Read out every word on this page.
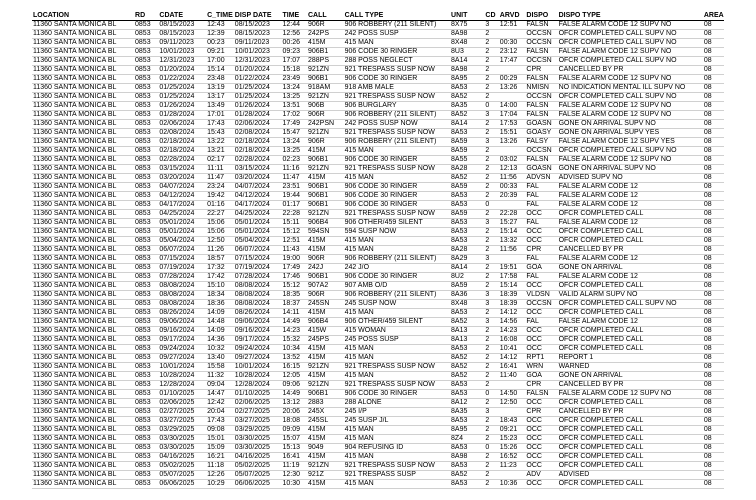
LOCATION	RD	CDATE	C_TIME	DISP DATE	TIME	CALL	CALL TYPE	UNIT	CD	ARVD	DISPO	DISPO TYPE	AREA
11360 SANTA MONICA BL	0853	08/15/2023	12:43	08/15/2023	12:44	906R	906 ROBBERY (211 SILENT)	8X75	3	12:51	FALSN	FALSE ALARM CODE 12 SUPV NO	08
11360 SANTA MONICA BL	0853	08/15/2023	12:39	08/15/2023	12:56	242PS	242 POSS SUSP	8A98	2		OCCSN	OFCR COMPLETED CALL SUPV NO	08
11360 SANTA MONICA BL	0853	09/11/2023	00:23	09/11/2023	00:26	415M	415 MAN	8X48	2	00:30	OCCSN	OFCR COMPLETED CALL SUPV NO	08
11360 SANTA MONICA BL	0853	10/01/2023	09:21	10/01/2023	09:23	906B1	906 CODE 30 RINGER	8U3	2	23:12	FALSN	FALSE ALARM CODE 12 SUPV NO	08
11360 SANTA MONICA BL	0853	12/31/2023	17:00	12/31/2023	17:07	288PS	288 POSS NEGLECT	8A14	2	17:47	OCCSN	OFCR COMPLETED CALL SUPV NO	08
11360 SANTA MONICA BL	0853	01/20/2024	15:14	01/20/2024	15:18	921ZN	921 TRESPASS SUSP NOW	8A98	2		CPR	CANCELLED BY PR	08
11360 SANTA MONICA BL	0853	01/22/2024	23:48	01/22/2024	23:49	906B1	906 CODE 30 RINGER	8A95	2	00:29	FALSN	FALSE ALARM CODE 12 SUPV NO	08
11360 SANTA MONICA BL	0853	01/25/2024	13:19	01/25/2024	13:24	918AM	918 AMB MALE	8A53	2	13:26	NMISN	NO INDICATION MENTAL ILL SUPV NO	08
11360 SANTA MONICA BL	0853	01/25/2024	13:17	01/25/2024	13:25	921ZN	921 TRESPASS SUSP NOW	8A52	2		OCCSN	OFCR COMPLETED CALL SUPV NO	08
11360 SANTA MONICA BL	0853	01/26/2024	13:49	01/26/2024	13:51	906B	906 BURGLARY	8A35	0	14:00	FALSN	FALSE ALARM CODE 12 SUPV NO	08
11360 SANTA MONICA BL	0853	01/28/2024	17:01	01/28/2024	17:02	906R	906 ROBBERY (211 SILENT)	8A52	3	17:04	FALSN	FALSE ALARM CODE 12 SUPV NO	08
11360 SANTA MONICA BL	0853	02/06/2024	17:43	02/06/2024	17:49	242PSN	242 POSS SUSP NOW	8A14	2	17:53	GOASN	GONE ON ARRIVAL SUPV NO	08
11360 SANTA MONICA BL	0853	02/08/2024	15:43	02/08/2024	15:47	921ZN	921 TRESPASS SUSP NOW	8A53	2	15:51	GOASY	GONE ON ARRIVAL SUPV YES	08
11360 SANTA MONICA BL	0853	02/18/2024	13:22	02/18/2024	13:24	906R	906 ROBBERY (211 SILENT)	8A59	3	13:26	FALSY	FALSE ALARM CODE 12 SUPV YES	08
11360 SANTA MONICA BL	0853	02/18/2024	13:21	02/18/2024	13:25	415M	415 MAN	8A59	2		OCCSN	OFCR COMPLETED CALL SUPV NO	08
11360 SANTA MONICA BL	0853	02/28/2024	02:17	02/28/2024	02:23	906B1	906 CODE 30 RINGER	8A55	2	03:02	FALSN	FALSE ALARM CODE 12 SUPV NO	08
11360 SANTA MONICA BL	0853	03/15/2024	11:11	03/15/2024	11:16	921ZN	921 TRESPASS SUSP NOW	8A28	2	12:13	GOASN	GONE ON ARRIVAL SUPV NO	08
11360 SANTA MONICA BL	0853	03/20/2024	11:47	03/20/2024	11:47	415M	415 MAN	8A52	2	11:56	ADVSN	ADVISED SUPV NO	08
11360 SANTA MONICA BL	0853	04/07/2024	23:24	04/07/2024	23:51	906B1	906 CODE 30 RINGER	8A59	2	00:33	FAL	FALSE ALARM CODE 12	08
11360 SANTA MONICA BL	0853	04/12/2024	19:42	04/12/2024	19:44	906B1	906 CODE 30 RINGER	8A53	2	20:39	FAL	FALSE ALARM CODE 12	08
11360 SANTA MONICA BL	0853	04/17/2024	01:16	04/17/2024	01:17	906B1	906 CODE 30 RINGER	8A53	0		FAL	FALSE ALARM CODE 12	08
11360 SANTA MONICA BL	0853	04/25/2024	22:27	04/25/2024	22:28	921ZN	921 TRESPASS SUSP NOW	8A59	2	22:28	OCC	OFCR COMPLETED CALL	08
11360 SANTA MONICA BL	0853	05/01/2024	15:06	05/01/2024	15:11	906B4	906 OTHER/459 SILENT	8A53	3	15:27	FAL	FALSE ALARM CODE 12	08
11360 SANTA MONICA BL	0853	05/01/2024	15:06	05/01/2024	15:12	594SN	594 SUSP NOW	8A53	2	15:14	OCC	OFCR COMPLETED CALL	08
11360 SANTA MONICA BL	0853	05/04/2024	12:50	05/04/2024	12:51	415M	415 MAN	8A53	2	13:32	OCC	OFCR COMPLETED CALL	08
11360 SANTA MONICA BL	0853	06/07/2024	11:26	06/07/2024	11:43	415M	415 MAN	8A28	2	11:56	CPR	CANCELLED BY PR	08
11360 SANTA MONICA BL	0853	07/15/2024	18:57	07/15/2024	19:00	906R	906 ROBBERY (211 SILENT)	8A29	3		FAL	FALSE ALARM CODE 12	08
11360 SANTA MONICA BL	0853	07/19/2024	17:32	07/19/2024	17:49	242J	242 J/O	8A14	2	19:51	GOA	GONE ON ARRIVAL	08
11360 SANTA MONICA BL	0853	07/28/2024	17:42	07/28/2024	17:46	906B1	906 CODE 30 RINGER	8U2	2	17:58	FAL	FALSE ALARM CODE 12	08
11360 SANTA MONICA BL	0853	08/08/2024	15:10	08/08/2024	15:12	907A2	907 AMB O/D	8A59	2	15:14	OCC	OFCR COMPLETED CALL	08
11360 SANTA MONICA BL	0853	08/08/2024	18:34	08/08/2024	18:35	906R	906 ROBBERY (211 SILENT)	8A36	3	18:39	VLDSN	VALID ALARM SUPV NO	08
11360 SANTA MONICA BL	0853	08/08/2024	18:36	08/08/2024	18:37	245SN	245 SUSP NOW	8X48	3	18:39	OCCSN	OFCR COMPLETED CALL SUPV NO	08
11360 SANTA MONICA BL	0853	08/26/2024	14:09	08/26/2024	14:11	415M	415 MAN	8A53	2	14:12	OCC	OFCR COMPLETED CALL	08
11360 SANTA MONICA BL	0853	09/06/2024	14:48	09/06/2024	14:49	906B4	906 OTHER/459 SILENT	8A52	3	14:56	FAL	FALSE ALARM CODE 12	08
11360 SANTA MONICA BL	0853	09/16/2024	14:09	09/16/2024	14:23	415W	415 WOMAN	8A13	2	14:23	OCC	OFCR COMPLETED CALL	08
11360 SANTA MONICA BL	0853	09/17/2024	14:36	09/17/2024	15:32	245PS	245 POSS SUSP	8A13	2	16:08	OCC	OFCR COMPLETED CALL	08
11360 SANTA MONICA BL	0853	09/24/2024	10:32	09/24/2024	10:34	415M	415 MAN	8A53	2	10:41	OCC	OFCR COMPLETED CALL	08
11360 SANTA MONICA BL	0853	09/27/2024	13:40	09/27/2024	13:52	415M	415 MAN	8A52	2	14:12	RPT1	REPORT 1	08
11360 SANTA MONICA BL	0853	10/01/2024	15:58	10/01/2024	16:15	921ZN	921 TRESPASS SUSP NOW	8A52	2	16:41	WRN	WARNED	08
11360 SANTA MONICA BL	0853	10/28/2024	11:32	10/28/2024	12:05	415M	415 MAN	8A52	2	11:40	GOA	GONE ON ARRIVAL	08
11360 SANTA MONICA BL	0853	12/28/2024	09:04	12/28/2024	09:06	921ZN	921 TRESPASS SUSP NOW	8A53	2		CPR	CANCELLED BY PR	08
11360 SANTA MONICA BL	0853	01/10/2025	14:47	01/10/2025	14:49	906B1	906 CODE 30 RINGER	8A53	0	14:50	FALSN	FALSE ALARM CODE 12 SUPV NO	08
11360 SANTA MONICA BL	0853	02/06/2025	12:42	02/06/2025	13:12	2883	288 ALONE	8A12	2	12:50	OCC	OFCR COMPLETED CALL	08
11360 SANTA MONICA BL	0853	02/27/2025	20:04	02/27/2025	20:06	245X	245 I/P	8A35	3		CPR	CANCELLED BY PR	08
11360 SANTA MONICA BL	0853	03/27/2025	17:43	03/27/2025	18:08	245SL	245 SUSP J/L	8A53	2	18:43	OCC	OFCR COMPLETED CALL	08
11360 SANTA MONICA BL	0853	03/29/2025	09:08	03/29/2025	09:09	415M	415 MAN	8A95	2	09:21	OCC	OFCR COMPLETED CALL	08
11360 SANTA MONICA BL	0853	03/30/2025	15:01	03/30/2025	15:07	415M	415 MAN	8Z4	2	15:23	OCC	OFCR COMPLETED CALL	08
11360 SANTA MONICA BL	0853	03/30/2025	15:09	03/30/2025	15:13	9049	904 REFUSING ID	8A53	0	15:26	OCC	OFCR COMPLETED CALL	08
11360 SANTA MONICA BL	0853	04/16/2025	16:21	04/16/2025	16:41	415M	415 MAN	8A98	2	16:52	OCC	OFCR COMPLETED CALL	08
11360 SANTA MONICA BL	0853	05/02/2025	11:18	05/02/2025	11:19	921ZN	921 TRESPASS SUSP NOW	8A53	2	11:23	OCC	OFCR COMPLETED CALL	08
11360 SANTA MONICA BL	0853	05/07/2025	12:26	05/07/2025	12:30	921Z	921 TRESPASS SUSP	8A52	2		ADV	ADVISED	08
11360 SANTA MONICA BL	0853	06/06/2025	10:29	06/06/2025	10:30	415M	415 MAN	8A53	2	10:36	OCC	OFCR COMPLETED CALL	08
